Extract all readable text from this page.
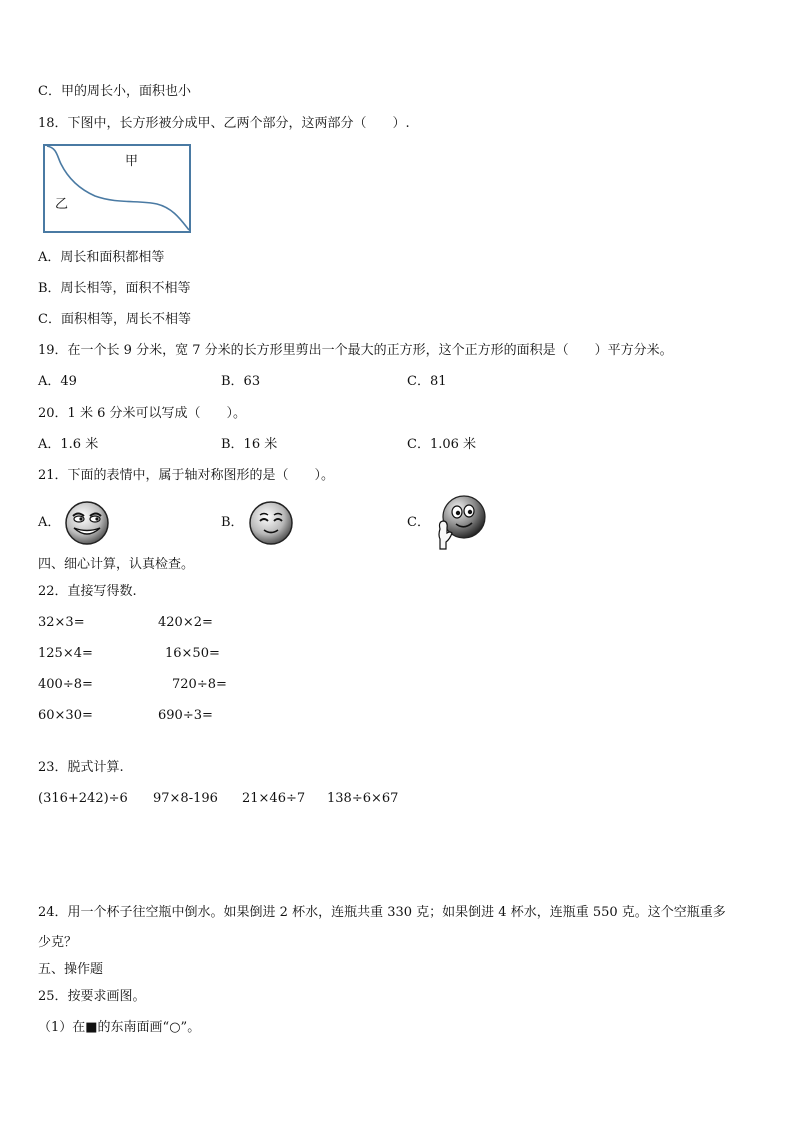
C．甲的周长小，面积也小
18．下图中，长方形被分成甲、乙两个部分，这两部分（　　）.
甲
乙
A．周长和面积都相等
B．周长相等，面积不相等
C．面积相等，周长不相等
19．在一个长 9 分米，宽 7 分米的长方形里剪出一个最大的正方形，这个正方形的面积是（　　）平方分米。
A．49	B．63	C．81
20．1 米 6 分米可以写成（　　）。
A．1.6 米	B．16 米	C．1.06 米
21．下面的表情中，属于轴对称图形的是（　　）。
A．	B．	C．
四、细心计算，认真检查。
22．直接写得数.
32×3=	420×2=
125×4=	16×50=
400÷8=	720÷8=
60×30=	690÷3=
23．脱式计算.
(316+242)÷6 97×8-196 21×46÷7 138÷6×67
24．用一个杯子往空瓶中倒水。如果倒进 2 杯水，连瓶共重 330 克；如果倒进 4 杯水，连瓶重 550 克。这个空瓶重多
少克？
五、操作题
25．按要求画图。
（1）在■的东南面画“○”。
